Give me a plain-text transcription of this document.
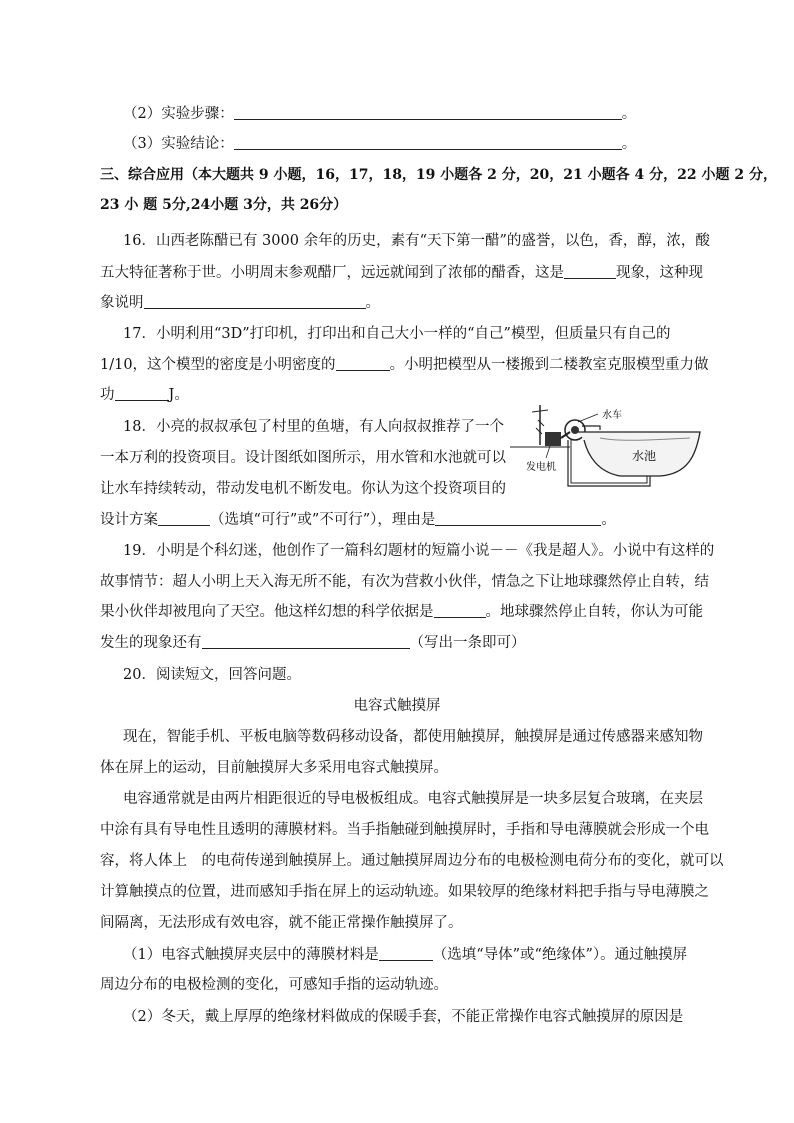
（2）实验步骤：	。
（3）实验结论：	。
三、综合应用（本大题共 9 小题，16，17，18，19 小题各 2 分，20，21 小题各 4 分，22 小题 2 分，
23 小 题 5分,24小题 3分，共 26分）
16．山西老陈醋已有 3000 余年的历史，素有“天下第一醋”的盛誉，以色，香，醇，浓，酸
五大特征著称于世。小明周末参观醋厂，远远就闻到了浓郁的醋香，这是	现象，这种现
象说明	。
17．小明利用“3D”打印机，打印出和自己大小一样的“自己”模型，但质量只有自己的
1/10，这个模型的密度是小明密度的	。小明把模型从一楼搬到二楼教室克服模型重力做
功	J。
18．小亮的叔叔承包了村里的鱼塘，有人向叔叔推荐了一个
一本万利的投资项目。设计图纸如图所示，用水管和水池就可以
让水车持续转动，带动发电机不断发电。你认为这个投资项目的
设计方案	（选填“可行”或”不可行”），理由是	。
水车
发电机
水池
19．小明是个科幻迷，他创作了一篇科幻题材的短篇小说－－《我是超人》。小说中有这样的
故事情节：超人小明上天入海无所不能，有次为营救小伙伴，情急之下让地球骤然停止自转，结
果小伙伴却被甩向了天空。他这样幻想的科学依据是	。地球骤然停止自转，你认为可能
发生的现象还有	（写出一条即可）
20．阅读短文，回答问题。
电容式触摸屏
现在，智能手机、平板电脑等数码移动设备，都使用触摸屏，触摸屏是通过传感器来感知物
体在屏上的运动，目前触摸屏大多采用电容式触摸屏。
电容通常就是由两片相距很近的导电极板组成。电容式触摸屏是一块多层复合玻璃，在夹层
中涂有具有导电性且透明的薄膜材料。当手指触碰到触摸屏时，手指和导电薄膜就会形成一个电
容，将人体上　的电荷传递到触摸屏上。通过触摸屏周边分布的电极检测电荷分布的变化，就可以
计算触摸点的位置，进而感知手指在屏上的运动轨迹。如果较厚的绝缘材料把手指与导电薄膜之
间隔离，无法形成有效电容，就不能正常操作触摸屏了。
（1）电容式触摸屏夹层中的薄膜材料是	（选填“导体”或“绝缘体”）。通过触摸屏
周边分布的电极检测的变化，可感知手指的运动轨迹。
（2）冬天，戴上厚厚的绝缘材料做成的保暖手套，不能正常操作电容式触摸屏的原因是
